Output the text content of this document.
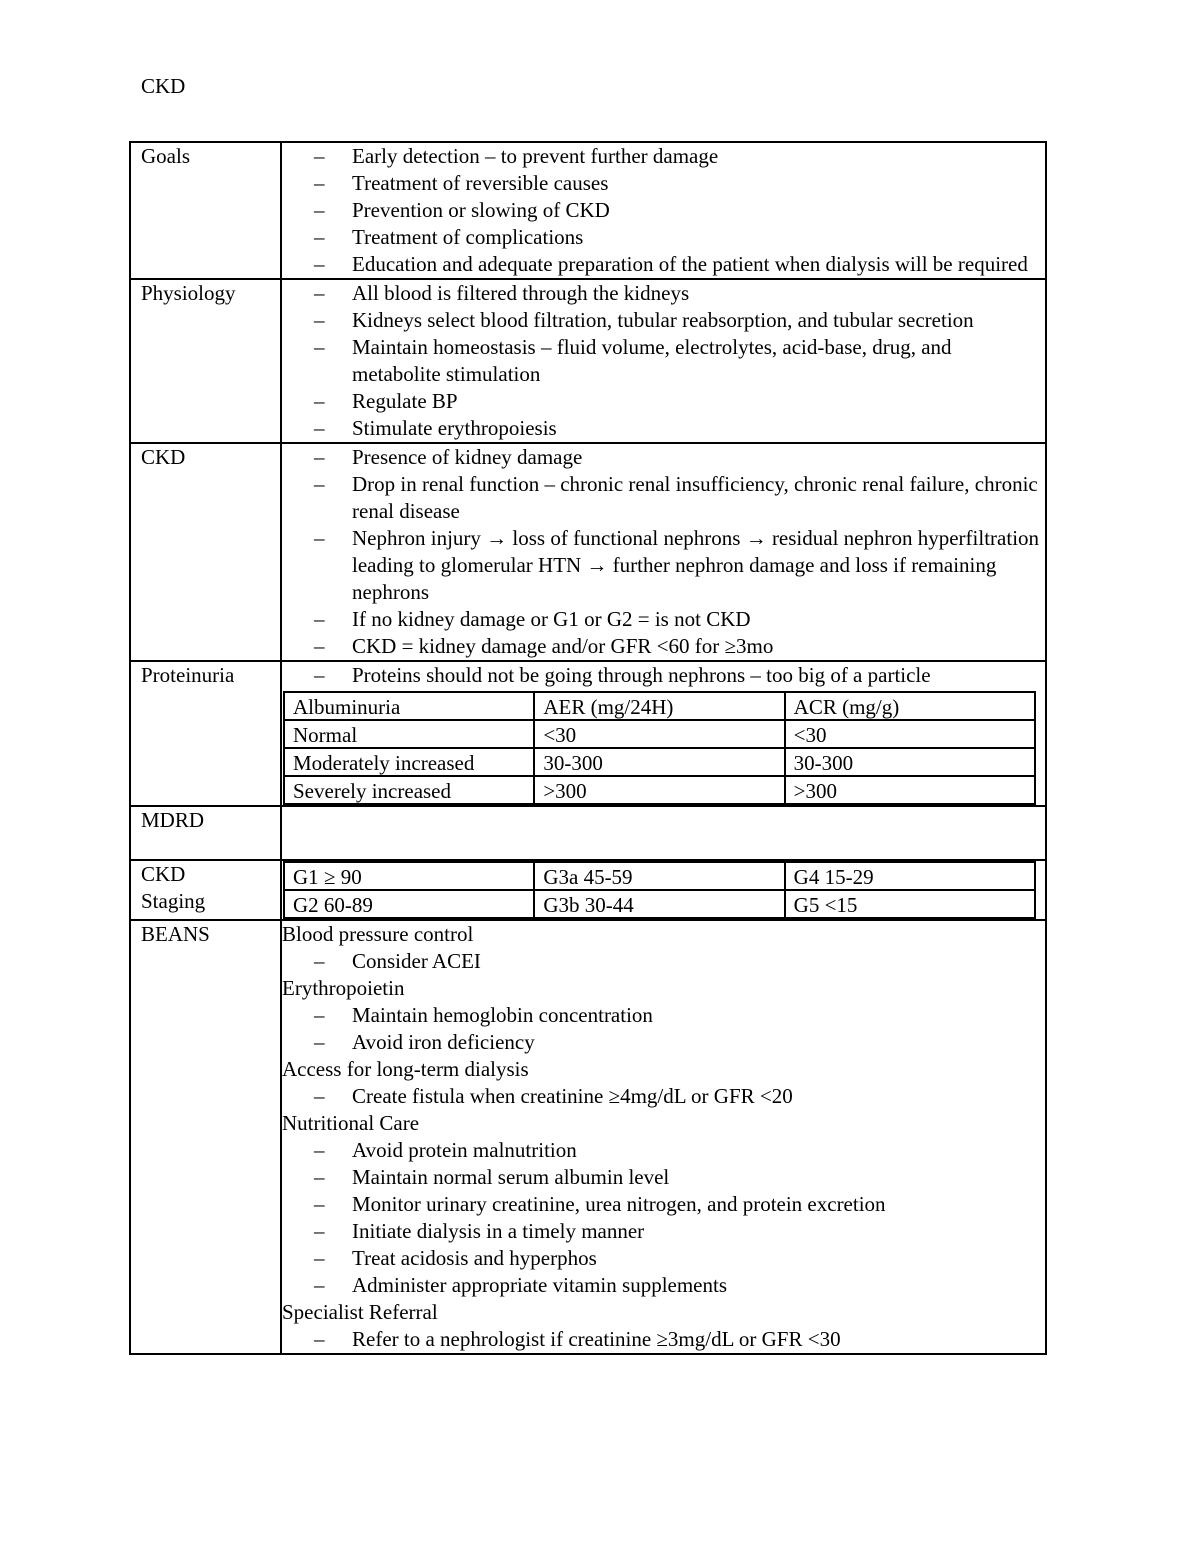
CKD
Goals	
–Early detection – to prevent further damage
– Treatment of reversible causes
– Prevention or slowing of CKD
– Treatment of complications
– Education and adequate preparation of the patient when dialysis will be required

Physiology	
–All blood is filtered through the kidneys
– Kidneys select blood filtration, tubular reabsorption, and tubular secretion
– Maintain homeostasis – fluid volume, electrolytes, acid-base, drug, and metabolite stimulation
– Regulate BP
– Stimulate erythropoiesis

CKD	
–Presence of kidney damage
– Drop in renal function – chronic renal insufficiency, chronic renal failure, chronic renal disease
– Nephron injury → loss of functional nephrons → residual nephron hyperfiltration leading to glomerular HTN → further nephron damage and loss if remaining nephrons
– If no kidney damage or G1 or G2 = is not CKD
– CKD = kidney damage and/or GFR <60 for ≥3mo

Proteinuria	
–Proteins should not be going through nephrons – too big of a particle
Albuminuria	AER (mg/24H)	ACR (mg/g)
Normal	<30	<30
Moderately increased	30-300	30-300
Severely increased	>300	>300

MDRD	

CKD
Staging

G1 ≥ 90	G3a 45-59	G4 15-29
G2 60-89	G3b 30-44	G5 <15

BEANS	Blood pressure control
– Consider ACEI
Erythropoietin
– Maintain hemoglobin concentration
– Avoid iron deficiency
Access for long-term dialysis
– Create fistula when creatinine ≥4mg/dL or GFR <20
Nutritional Care
– Avoid protein malnutrition
– Maintain normal serum albumin level
– Monitor urinary creatinine, urea nitrogen, and protein excretion
– Initiate dialysis in a timely manner
– Treat acidosis and hyperphos
– Administer appropriate vitamin supplements
Specialist Referral
– Refer to a nephrologist if creatinine ≥3mg/dL or GFR <30
